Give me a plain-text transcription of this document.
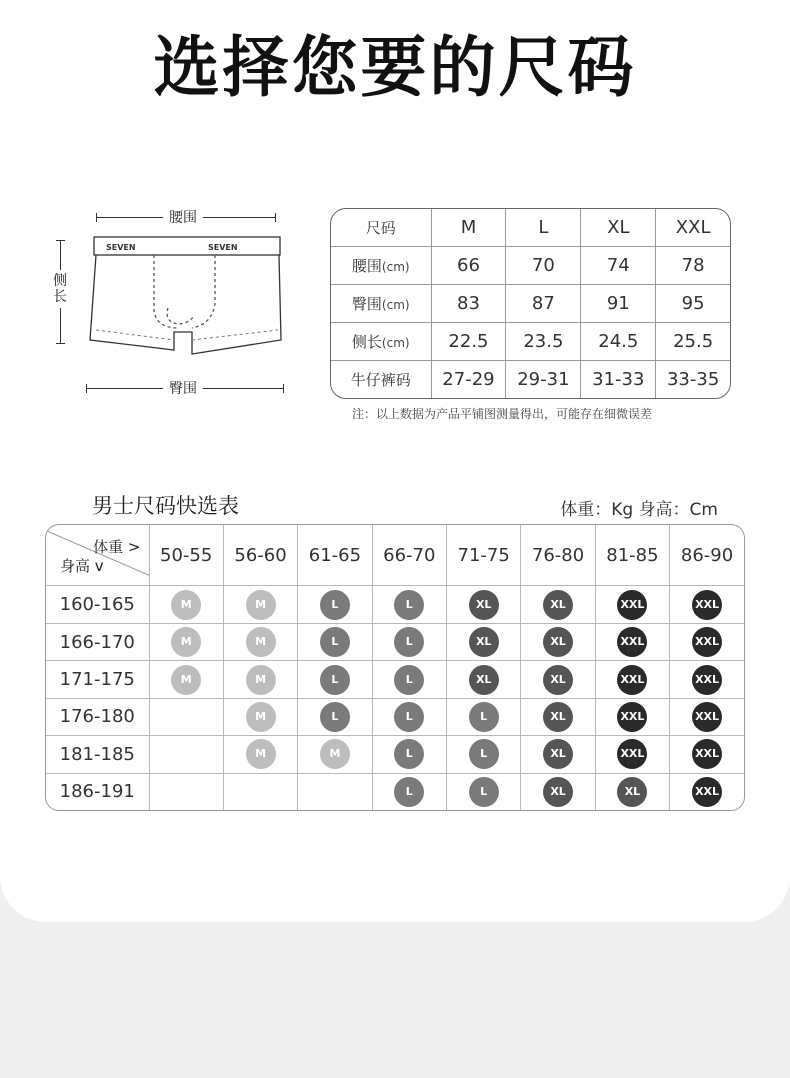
选择您要的尺码
腰围
侧长
SEVEN	SEVEN
臀围
尺码	M	L	XL	XXL
腰围(cm)	66	70	74	78
臀围(cm)	83	87	91	95
侧长(cm)	22.5	23.5	24.5	25.5
牛仔裤码	27-29	29-31	31-33	33-35
注：以上数据为产品平铺图测量得出，可能存在细微误差
男士尺码快选表	体重：Kg 身高：Cm
体重 >
身高 v	50-55	56-60	61-65	66-70	71-75	76-80	81-85	86-90
160-165	M	M	L	L	XL	XL	XXL	XXL
166-170	M	M	L	L	XL	XL	XXL	XXL
171-175	M	M	L	L	XL	XL	XXL	XXL
176-180		M	L	L	L	XL	XXL	XXL
181-185		M	M	L	L	XL	XXL	XXL
186-191				L	L	XL	XL	XXL
